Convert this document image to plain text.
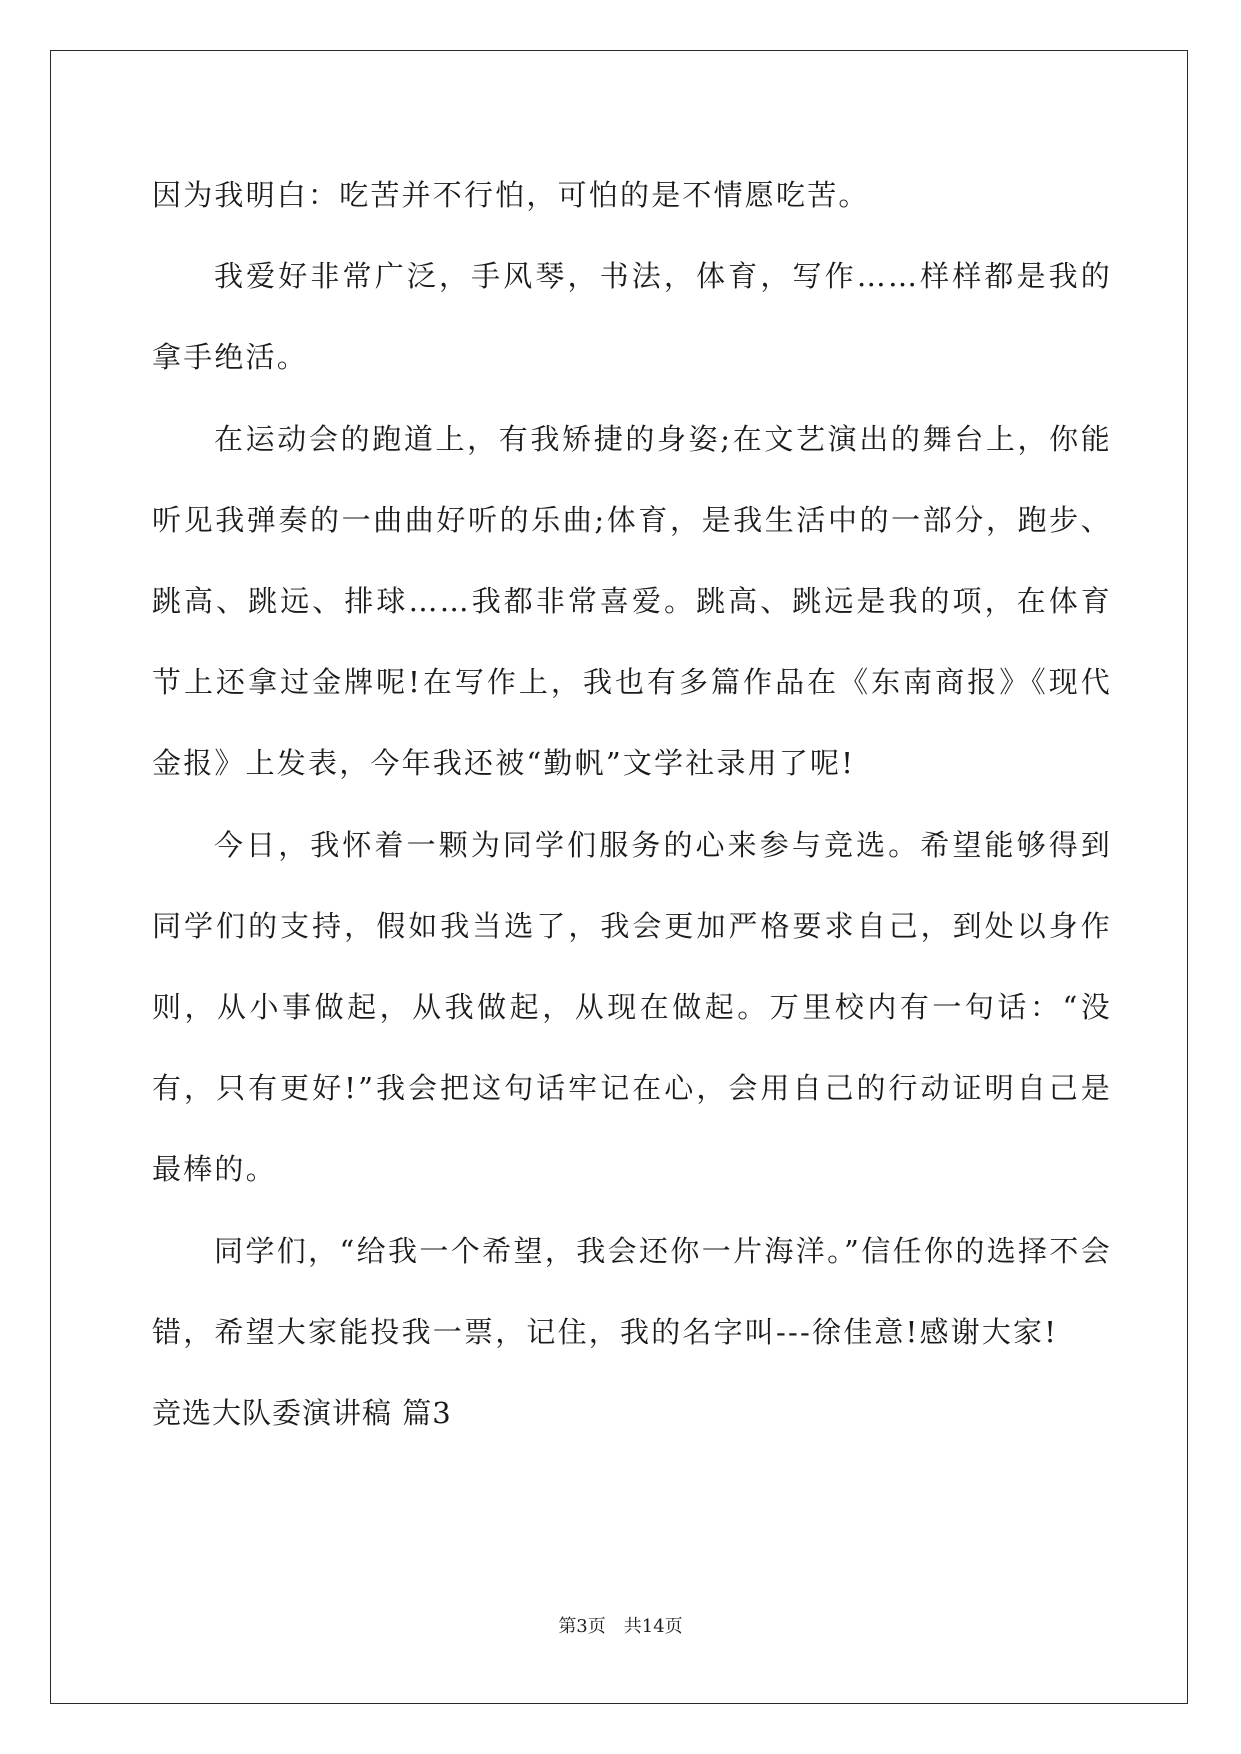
因为我明白：吃苦并不行怕，可怕的是不情愿吃苦。

我爱好非常广泛，手风琴，书法，体育，写作……样样都是我的拿手绝活。

在运动会的跑道上，有我矫捷的身姿;在文艺演出的舞台上，你能听见我弹奏的一曲曲好听的乐曲;体育，是我生活中的一部分，跑步、跳高、跳远、排球……我都非常喜爱。跳高、跳远是我的项，在体育节上还拿过金牌呢!在写作上，我也有多篇作品在《东南商报》《现代金报》上发表，今年我还被“勤帆”文学社录用了呢!

今日，我怀着一颗为同学们服务的心来参与竞选。希望能够得到同学们的支持，假如我当选了，我会更加严格要求自己，到处以身作则，从小事做起，从我做起，从现在做起。万里校内有一句话：“没有，只有更好!”我会把这句话牢记在心，会用自己的行动证明自己是最棒的。

同学们，“给我一个希望，我会还你一片海洋。”信任你的选择不会错，希望大家能投我一票，记住，我的名字叫---徐佳意!感谢大家!

竞选大队委演讲稿 篇3

第3页 共14页
